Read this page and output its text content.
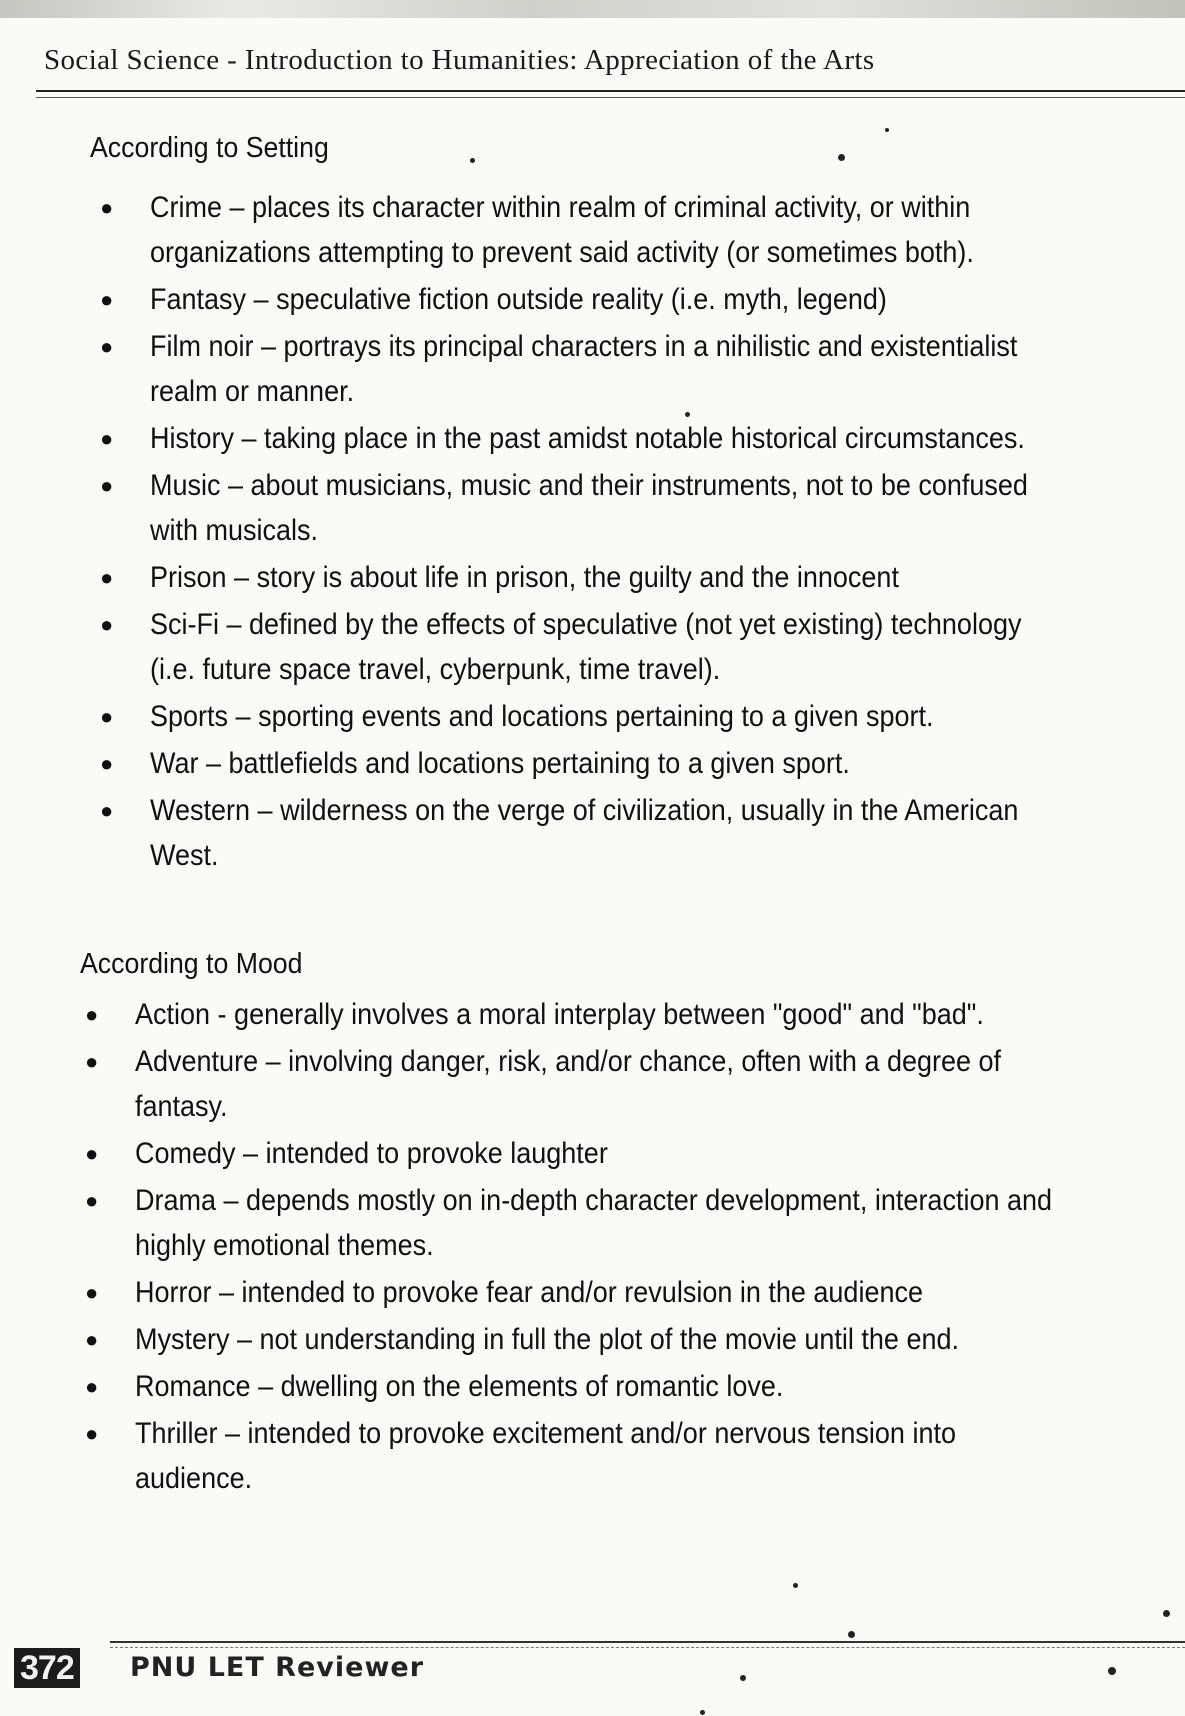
Social Science - Introduction to Humanities: Appreciation of the Arts
According to Setting
● Crime – places its character within realm of criminal activity, or within organizations attempting to prevent said activity (or sometimes both).
● Fantasy – speculative fiction outside reality (i.e. myth, legend)
● Film noir – portrays its principal characters in a nihilistic and existentialist realm or manner.
● History – taking place in the past amidst notable historical circumstances.
● Music – about musicians, music and their instruments, not to be confused with musicals.
● Prison – story is about life in prison, the guilty and the innocent
● Sci-Fi – defined by the effects of speculative (not yet existing) technology (i.e. future space travel, cyberpunk, time travel).
● Sports – sporting events and locations pertaining to a given sport.
● War – battlefields and locations pertaining to a given sport.
● Western – wilderness on the verge of civilization, usually in the American West.
According to Mood
● Action - generally involves a moral interplay between "good" and "bad".
● Adventure – involving danger, risk, and/or chance, often with a degree of fantasy.
● Comedy – intended to provoke laughter
● Drama – depends mostly on in-depth character development, interaction and highly emotional themes.
● Horror – intended to provoke fear and/or revulsion in the audience
● Mystery – not understanding in full the plot of the movie until the end.
● Romance – dwelling on the elements of romantic love.
● Thriller – intended to provoke excitement and/or nervous tension into audience.
372 PNU LET Reviewer
